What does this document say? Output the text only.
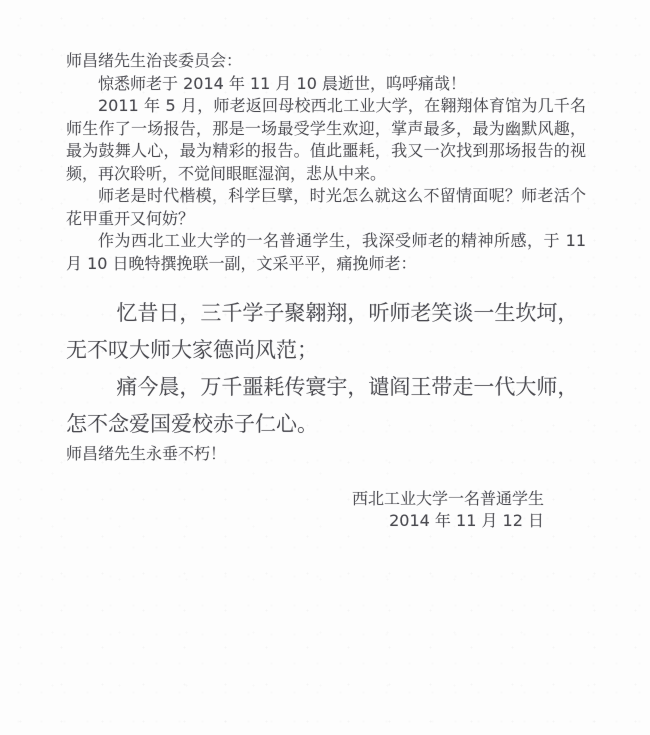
师昌绪先生治丧委员会：

惊悉师老于 2014 年 11 月 10 晨逝世，呜呼痛哉！

2011 年 5 月，师老返回母校西北工业大学，在翱翔体育馆为几千名师生作了一场报告，那是一场最受学生欢迎，掌声最多，最为幽默风趣，最为鼓舞人心，最为精彩的报告。值此噩耗，我又一次找到那场报告的视频，再次聆听，不觉间眼眶湿润，悲从中来。

师老是时代楷模，科学巨擘，时光怎么就这么不留情面呢？师老活个花甲重开又何妨？

作为西北工业大学的一名普通学生，我深受师老的精神所感，于 11 月 10 日晚特撰挽联一副，文采平平，痛挽师老：

忆昔日，三千学子聚翱翔，听师老笑谈一生坎坷，

无不叹大师大家德尚风范；

痛今晨，万千噩耗传寰宇，谴阎王带走一代大师，

怎不念爱国爱校赤子仁心。

师昌绪先生永垂不朽！

西北工业大学一名普通学生

2014 年 11 月 12 日
